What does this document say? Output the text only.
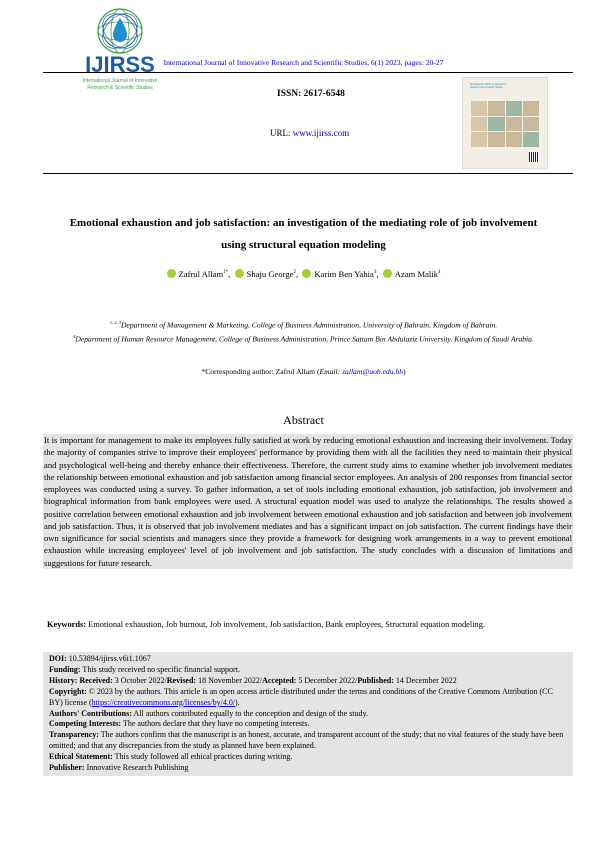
International Journal of Innovative Research and Scientific Studies, 6(1) 2023, pages: 20-27
IJIRSS
International Journal of Innovative
Research & Scientific Studies
ISSN: 2617-6548
URL: www.ijirss.com
International Journal of Innovative Research and Scientific Studies
Emotional exhaustion and job satisfaction: an investigation of the mediating role of job involvement using structural equation modeling
Zafrul Allam$^{1*}$,  Shaju George$^2$,  Karim Ben Yahia$^3$,  Azam Malik$^4$
$^{1, 2, 3}$Department of Management & Marketing, College of Business Administration, University of Bahrain, Kingdom of Bahrain.
$^4$Department of Human Resource Management, College of Business Administration, Prince Sattam Bin Abdulaziz University, Kingdom of Saudi Arabia.
*Corresponding author: Zafrul Allam (Email: zallam@uob.edu.bh)
Abstract
It is important for management to make its employees fully satisfied at work by reducing emotional exhaustion and increasing their involvement. Today the majority of companies strive to improve their employees' performance by providing them with all the facilities they need to maintain their physical and psychological well-being and thereby enhance their effectiveness. Therefore, the current study aims to examine whether job involvement mediates the relationship between emotional exhaustion and job satisfaction among financial sector employees. An analysis of 200 responses from financial sector employees was conducted using a survey. To gather information, a set of tools including emotional exhaustion, job satisfaction, job involvement and biographical information from bank employees were used. A structural equation model was used to analyze the relationships. The results showed a positive correlation between emotional exhaustion and job involvement between emotional exhaustion and job satisfaction and between job involvement and job satisfaction. Thus, it is observed that job involvement mediates and has a significant impact on job satisfaction. The current findings have their own significance for social scientists and managers since they provide a framework for designing work arrangements in a way to prevent emotional exhaustion while increasing employees' level of job involvement and job satisfaction. The study concludes with a discussion of limitations and suggestions for future research.
Keywords: Emotional exhaustion, Job burnout, Job involvement, Job satisfaction, Bank employees, Structural equation modeling.
DOI: 10.53894/ijirss.v6i1.1067
Funding: This study received no specific financial support.
History: Received: 3 October 2022/Revised: 18 November 2022/Accepted: 5 December 2022/Published: 14 December 2022
Copyright: © 2023 by the authors. This article is an open access article distributed under the terms and conditions of the Creative Commons Attribution (CC BY) license (https://creativecommons.org/licenses/by/4.0/).
Authors' Contributions: All authors contributed equally to the conception and design of the study.
Competing Interests: The authors declare that they have no competing interests.
Transparency: The authors confirm that the manuscript is an honest, accurate, and transparent account of the study; that no vital features of the study have been omitted; and that any discrepancies from the study as planned have been explained.
Ethical Statement: This study followed all ethical practices during writing.
Publisher: Innovative Research Publishing
